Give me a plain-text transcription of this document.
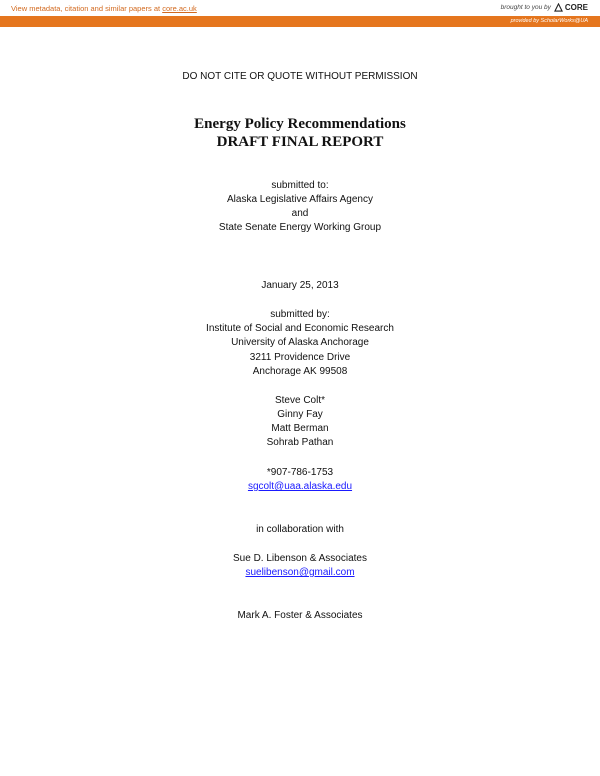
View metadata, citation and similar papers at core.ac.uk	brought to you by CORE
provided by ScholarWorks@UA
DO NOT CITE OR QUOTE WITHOUT PERMISSION
Energy Policy Recommendations
DRAFT FINAL REPORT
submitted to:
Alaska Legislative Affairs Agency
and
State Senate Energy Working Group
January 25, 2013
submitted by:
Institute of Social and Economic Research
University of Alaska Anchorage
3211 Providence Drive
Anchorage AK 99508
Steve Colt*
Ginny Fay
Matt Berman
Sohrab Pathan
*907-786-1753
sgcolt@uaa.alaska.edu
in collaboration with
Sue D. Libenson & Associates
suelibenson@gmail.com
Mark A. Foster & Associates
